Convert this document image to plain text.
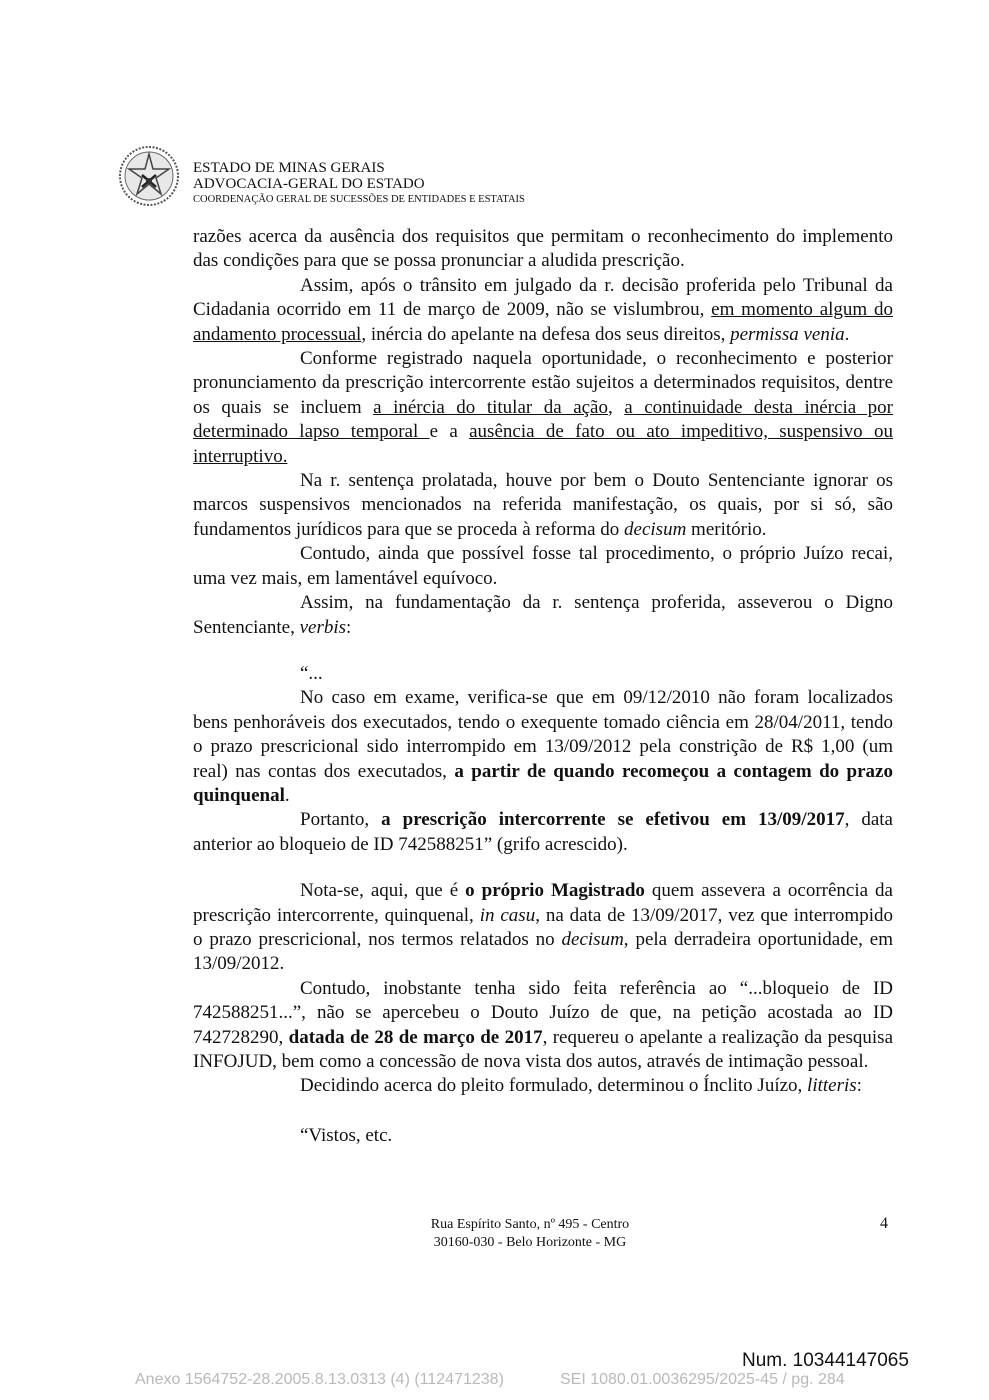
ESTADO DE MINAS GERAIS
ADVOCACIA-GERAL DO ESTADO
COORDENAÇÃO GERAL DE SUCESSÕES DE ENTIDADES E ESTATAIS

razões acerca da ausência dos requisitos que permitam o reconhecimento do implemento das condições para que se possa pronunciar a aludida prescrição.

Assim, após o trânsito em julgado da r. decisão proferida pelo Tribunal da Cidadania ocorrido em 11 de março de 2009, não se vislumbrou, em momento algum do andamento processual, inércia do apelante na defesa dos seus direitos, permissa venia.

Conforme registrado naquela oportunidade, o reconhecimento e posterior pronunciamento da prescrição intercorrente estão sujeitos a determinados requisitos, dentre os quais se incluem a inércia do titular da ação, a continuidade desta inércia por determinado lapso temporal e a ausência de fato ou ato impeditivo, suspensivo ou interruptivo.

Na r. sentença prolatada, houve por bem o Douto Sentenciante ignorar os marcos suspensivos mencionados na referida manifestação, os quais, por si só, são fundamentos jurídicos para que se proceda à reforma do decisum meritório.

Contudo, ainda que possível fosse tal procedimento, o próprio Juízo recai, uma vez mais, em lamentável equívoco.

Assim, na fundamentação da r. sentença proferida, asseverou o Digno Sentenciante, verbis:

“...

No caso em exame, verifica-se que em 09/12/2010 não foram localizados bens penhoráveis dos executados, tendo o exequente tomado ciência em 28/04/2011, tendo o prazo prescricional sido interrompido em 13/09/2012 pela constrição de R$ 1,00 (um real) nas contas dos executados, a partir de quando recomeçou a contagem do prazo quinquenal.

Portanto, a prescrição intercorrente se efetivou em 13/09/2017, data anterior ao bloqueio de ID 742588251” (grifo acrescido).

Nota-se, aqui, que é o próprio Magistrado quem assevera a ocorrência da prescrição intercorrente, quinquenal, in casu, na data de 13/09/2017, vez que interrompido o prazo prescricional, nos termos relatados no decisum, pela derradeira oportunidade, em 13/09/2012.

Contudo, inobstante tenha sido feita referência ao “...bloqueio de ID 742588251...”, não se apercebeu o Douto Juízo de que, na petição acostada ao ID 742728290, datada de 28 de março de 2017, requereu o apelante a realização da pesquisa INFOJUD, bem como a concessão de nova vista dos autos, através de intimação pessoal.

Decidindo acerca do pleito formulado, determinou o Ínclito Juízo, litteris:

“Vistos, etc.

Rua Espírito Santo, nº 495 - Centro
30160-030 - Belo Horizonte - MG
4
Num. 10344147065
Anexo 1564752-28.2005.8.13.0313 (4) (112471238)	SEI 1080.01.0036295/2025-45 / pg. 284
